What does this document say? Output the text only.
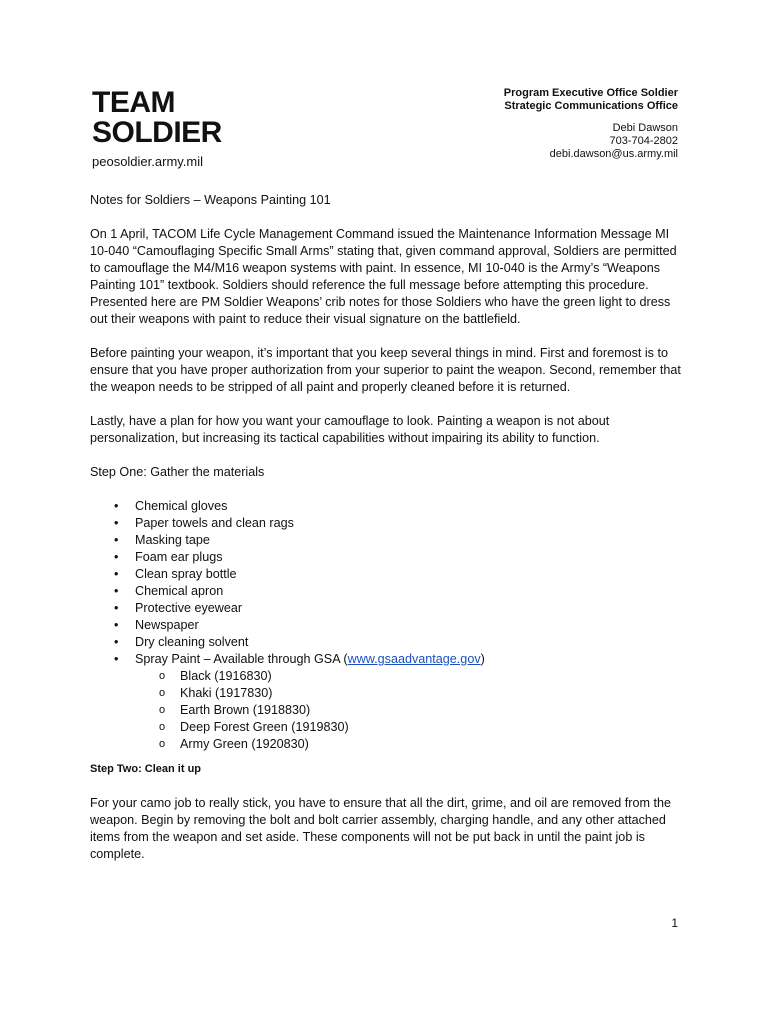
TEAM
SOLDIER
peosoldier.army.mil
Program Executive Office Soldier
Strategic Communications Office
Debi Dawson
703-704-2802
debi.dawson@us.army.mil

Notes for Soldiers – Weapons Painting 101

On 1 April, TACOM Life Cycle Management Command issued the Maintenance Information Message MI 10-040 “Camouflaging Specific Small Arms” stating that, given command approval, Soldiers are permitted to camouflage the M4/M16 weapon systems with paint. In essence, MI 10-040 is the Army’s “Weapons Painting 101” textbook. Soldiers should reference the full message before attempting this procedure. Presented here are PM Soldier Weapons’ crib notes for those Soldiers who have the green light to dress out their weapons with paint to reduce their visual signature on the battlefield.

Before painting your weapon, it’s important that you keep several things in mind. First and foremost is to ensure that you have proper authorization from your superior to paint the weapon. Second, remember that the weapon needs to be stripped of all paint and properly cleaned before it is returned.

Lastly, have a plan for how you want your camouflage to look. Painting a weapon is not about personalization, but increasing its tactical capabilities without impairing its ability to function.

Step One: Gather the materials

• Chemical gloves
• Paper towels and clean rags
• Masking tape
• Foam ear plugs
• Clean spray bottle
• Chemical apron
• Protective eyewear
• Newspaper
• Dry cleaning solvent
• Spray Paint – Available through GSA (www.gsaadvantage.gov)
o Black (1916830)
o Khaki (1917830)
o Earth Brown (1918830)
o Deep Forest Green (1919830)
o Army Green (1920830)

Step Two: Clean it up

For your camo job to really stick, you have to ensure that all the dirt, grime, and oil are removed from the weapon. Begin by removing the bolt and bolt carrier assembly, charging handle, and any other attached items from the weapon and set aside. These components will not be put back in until the paint job is complete.

1
